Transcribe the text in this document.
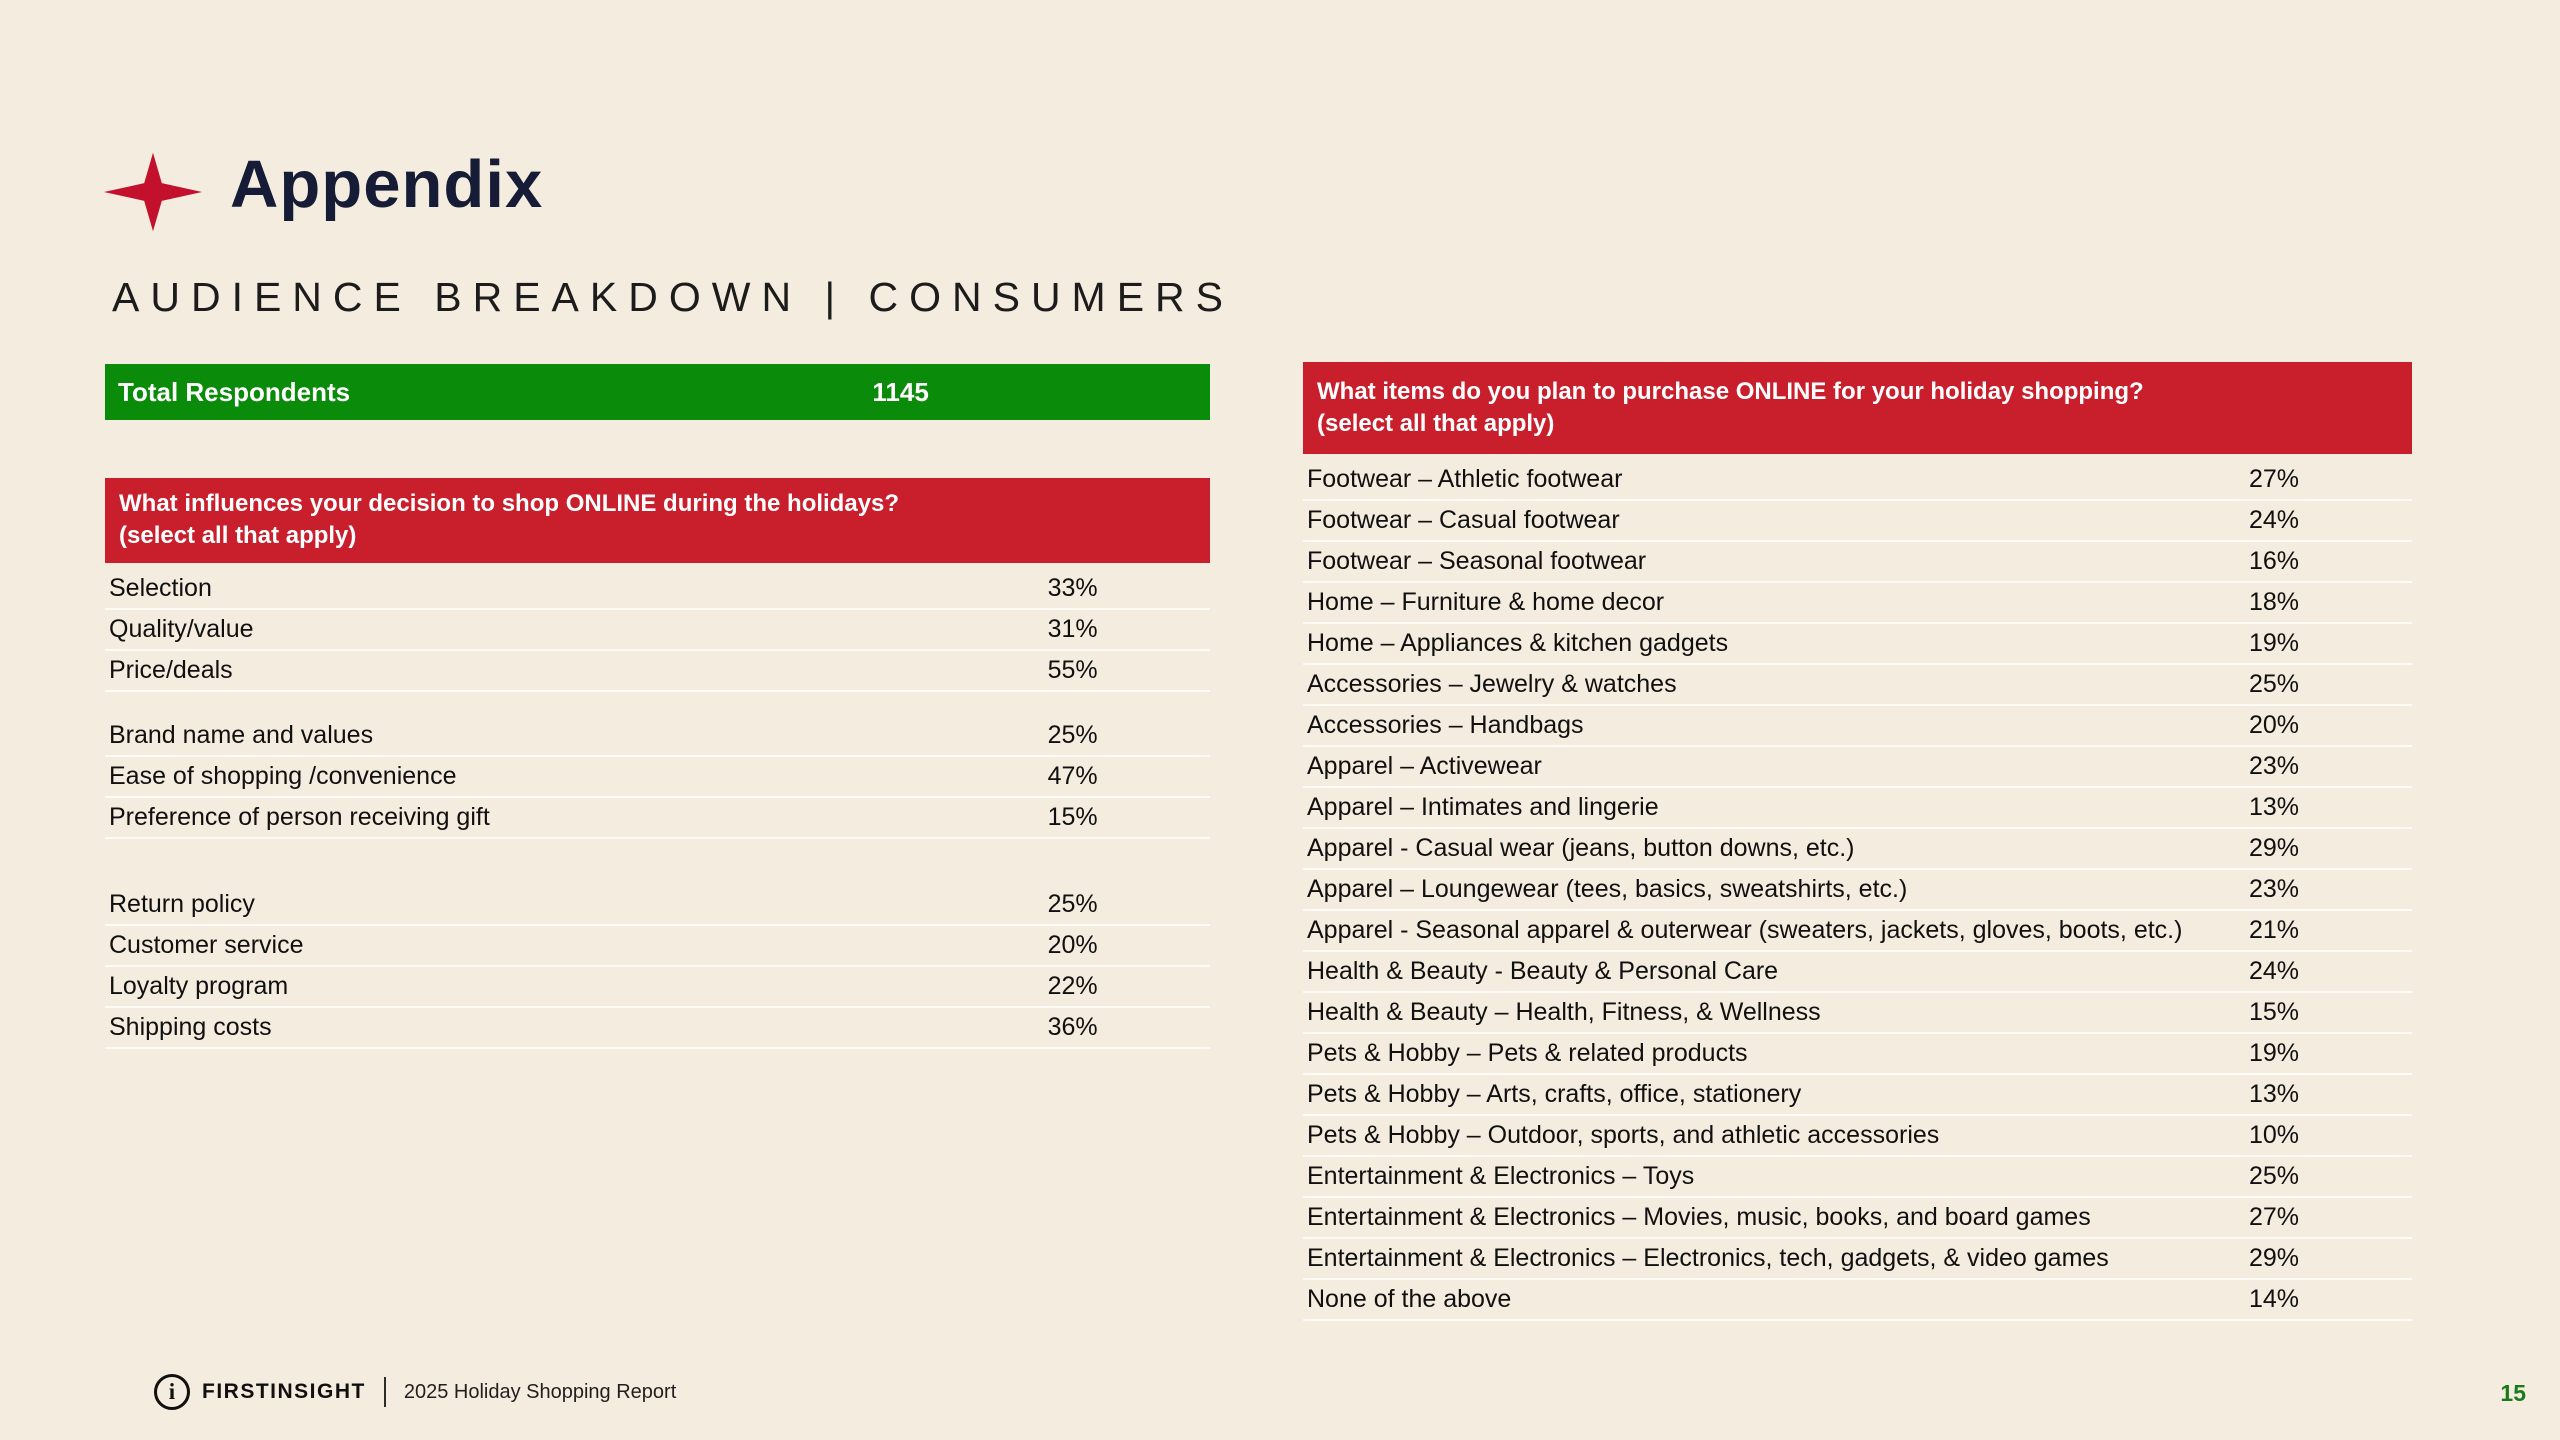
Appendix
AUDIENCE BREAKDOWN | CONSUMERS
Total Respondents	1145
What influences your decision to shop ONLINE during the holidays?
(select all that apply)
Selection	33%
Quality/value	31%
Price/deals	55%
Brand name and values	25%
Ease of shopping /convenience	47%
Preference of person receiving gift	15%
Return policy	25%
Customer service	20%
Loyalty program	22%
Shipping costs	36%
What items do you plan to purchase ONLINE for your holiday shopping?
(select all that apply)
Footwear – Athletic footwear	27%
Footwear – Casual footwear	24%
Footwear – Seasonal footwear	16%
Home – Furniture & home decor	18%
Home – Appliances & kitchen gadgets	19%
Accessories – Jewelry & watches	25%
Accessories – Handbags	20%
Apparel – Activewear	23%
Apparel – Intimates and lingerie	13%
Apparel - Casual wear (jeans, button downs, etc.)	29%
Apparel – Loungewear (tees, basics, sweatshirts, etc.)	23%
Apparel - Seasonal apparel & outerwear (sweaters, jackets, gloves, boots, etc.)	21%
Health & Beauty - Beauty & Personal Care	24%
Health & Beauty – Health, Fitness, & Wellness	15%
Pets & Hobby – Pets & related products	19%
Pets & Hobby – Arts, crafts, office, stationery	13%
Pets & Hobby – Outdoor, sports, and athletic accessories	10%
Entertainment & Electronics – Toys	25%
Entertainment & Electronics – Movies, music, books, and board games	27%
Entertainment & Electronics – Electronics, tech, gadgets, & video games	29%
None of the above	14%
i	FIRSTINSIGHT 2025 Holiday Shopping Report	15
